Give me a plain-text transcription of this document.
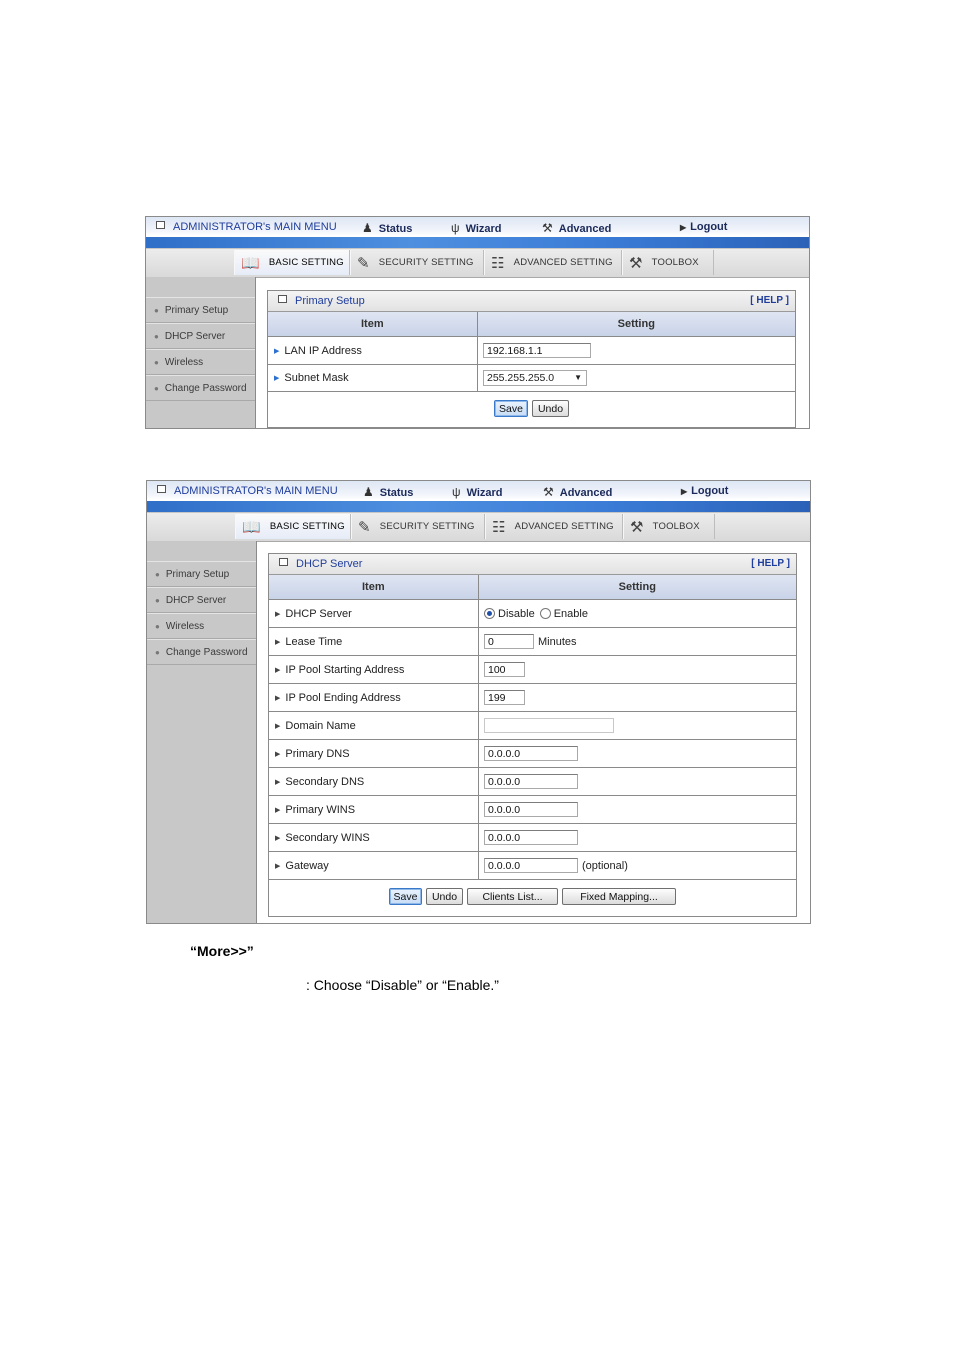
ADMINISTRATOR's MAIN MENU ♟ Status	ψ Wizard	⚒ Advanced	▶ Logout
📖 BASIC SETTING ✎ SECURITY SETTING ☷ ADVANCED SETTING ⚒ TOOLBOX
● Primary Setup
● DHCP Server
● Wireless
● Change Password
Primary Setup	[ HELP ]
Item	Setting
▶ LAN IP Address	192.168.1.1
▶ Subnet Mask	255.255.255.0 ▼
Save	Undo
ADMINISTRATOR's MAIN MENU ♟ Status	ψ Wizard	⚒ Advanced	▶ Logout
📖 BASIC SETTING ✎ SECURITY SETTING ☷ ADVANCED SETTING ⚒ TOOLBOX
● Primary Setup
● DHCP Server
● Wireless
● Change Password
DHCP Server	[ HELP ]
Item	Setting
▶ DHCP Server	Disable Enable
▶ Lease Time	0	Minutes
▶ IP Pool Starting Address	100
▶ IP Pool Ending Address	199
▶ Domain Name
▶ Primary DNS	0.0.0.0
▶ Secondary DNS	0.0.0.0
▶ Primary WINS	0.0.0.0
▶ Secondary WINS	0.0.0.0
▶ Gateway	0.0.0.0	(optional)
Save	Undo	Clients List...	Fixed Mapping...
“More>>”
: Choose “Disable” or “Enable.”
